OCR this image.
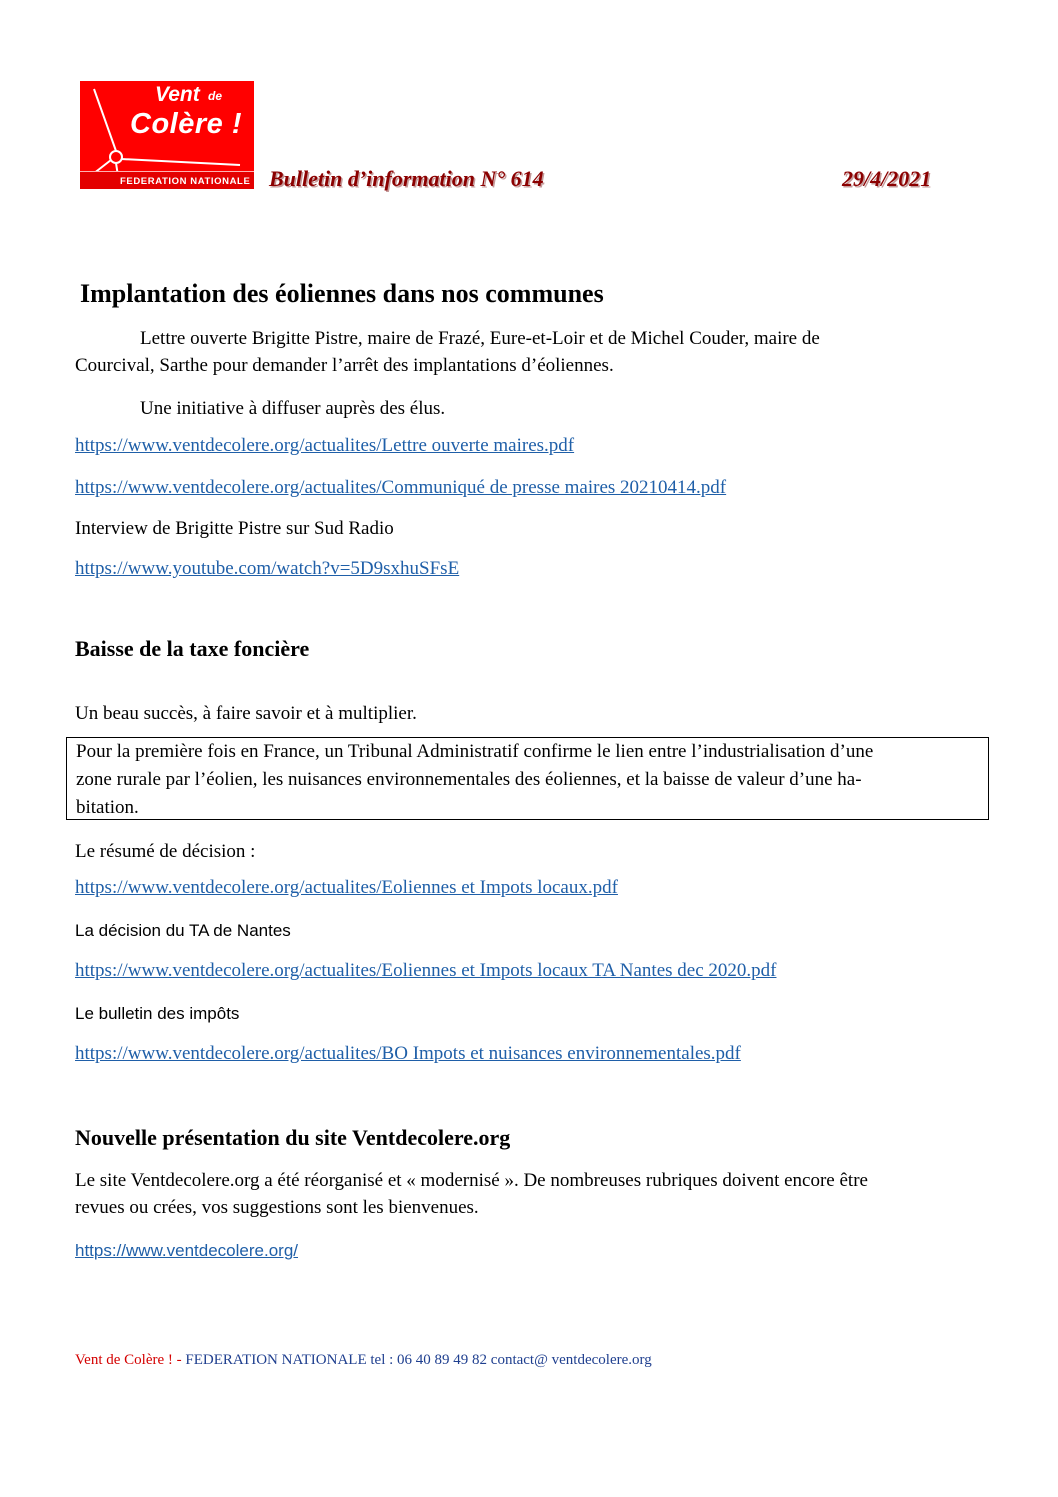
Vent de
Colère !
FEDERATION NATIONALE Bulletin d’information N° 614	29/4/2021
Implantation des éoliennes dans nos communes
Lettre ouverte Brigitte Pistre, maire de Frazé, Eure-et-Loir et de Michel Couder, maire de
Courcival, Sarthe pour demander l’arrêt des implantations d’éoliennes.
Une initiative à diffuser auprès des élus.
https://www.ventdecolere.org/actualites/Lettre ouverte maires.pdf
https://www.ventdecolere.org/actualites/Communiqué de presse maires 20210414.pdf
Interview de Brigitte Pistre sur Sud Radio
https://www.youtube.com/watch?v=5D9sxhuSFsE
Baisse de la taxe foncière
Un beau succès, à faire savoir et à multiplier.
Pour la première fois en France, un Tribunal Administratif confirme le lien entre l’industrialisation d’une
zone rurale par l’éolien, les nuisances environnementales des éoliennes, et la baisse de valeur d’une ha-
bitation.
Le résumé de décision :
https://www.ventdecolere.org/actualites/Eoliennes et Impots locaux.pdf
La décision du TA de Nantes
https://www.ventdecolere.org/actualites/Eoliennes et Impots locaux TA Nantes dec 2020.pdf
Le bulletin des impôts
https://www.ventdecolere.org/actualites/BO Impots et nuisances environnementales.pdf
Nouvelle présentation du site Ventdecolere.org
Le site Ventdecolere.org a été réorganisé et « modernisé ». De nombreuses rubriques doivent encore être
revues ou crées, vos suggestions sont les bienvenues.
https://www.ventdecolere.org/
Vent de Colère ! - FEDERATION NATIONALE tel : 06 40 89 49 82 contact@ ventdecolere.org
